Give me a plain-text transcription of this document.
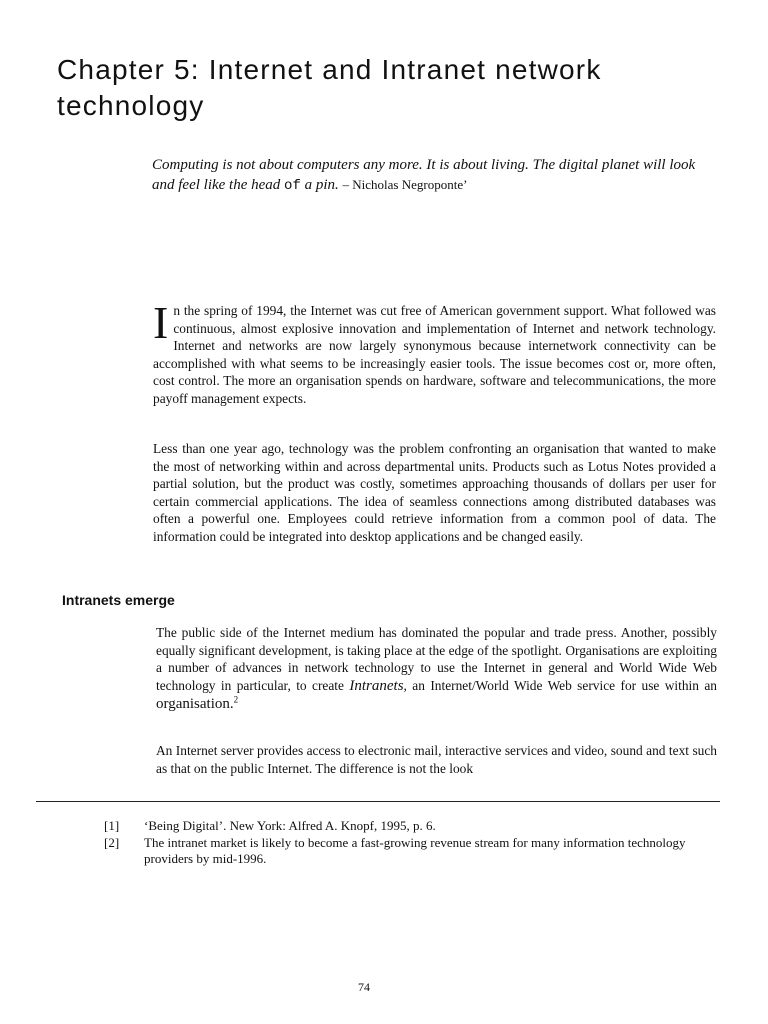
Chapter 5: Internet and Intranet network technology
Computing is not about computers any more. It is about living. The digital planet will look and feel like the head of a pin. – Nicholas Negroponte’

In the spring of 1994, the Internet was cut free of American government support. What followed was continuous, almost explosive innovation and implementation of Internet and network technology. Internet and networks are now largely synonymous because internetwork connectivity can be accomplished with what seems to be increasingly easier tools. The issue becomes cost or, more often, cost control. The more an organisation spends on hardware, software and telecommunications, the more payoff management expects.

Less than one year ago, technology was the problem confronting an organisation that wanted to make the most of networking within and across departmental units. Products such as Lotus Notes provided a partial solution, but the product was costly, sometimes approaching thousands of dollars per user for certain commercial applications. The idea of seamless connections among distributed databases was often a powerful one. Employees could retrieve information from a common pool of data. The information could be integrated into desktop applications and be changed easily.

Intranets emerge

The public side of the Internet medium has dominated the popular and trade press. Another, possibly equally significant development, is taking place at the edge of the spotlight. Organisations are exploiting a number of advances in network technology to use the Internet in general and World Wide Web technology in particular, to create Intranets, an Internet/World Wide Web service for use within an organisation.$^2$

An Internet server provides access to electronic mail, interactive services and video, sound and text such as that on the public Internet. The difference is not the look

[1]	‘Being Digital’. New York: Alfred A. Knopf, 1995, p. 6.
[2]	The intranet market is likely to become a fast-growing revenue stream for many information technology providers by mid-1996.
74
